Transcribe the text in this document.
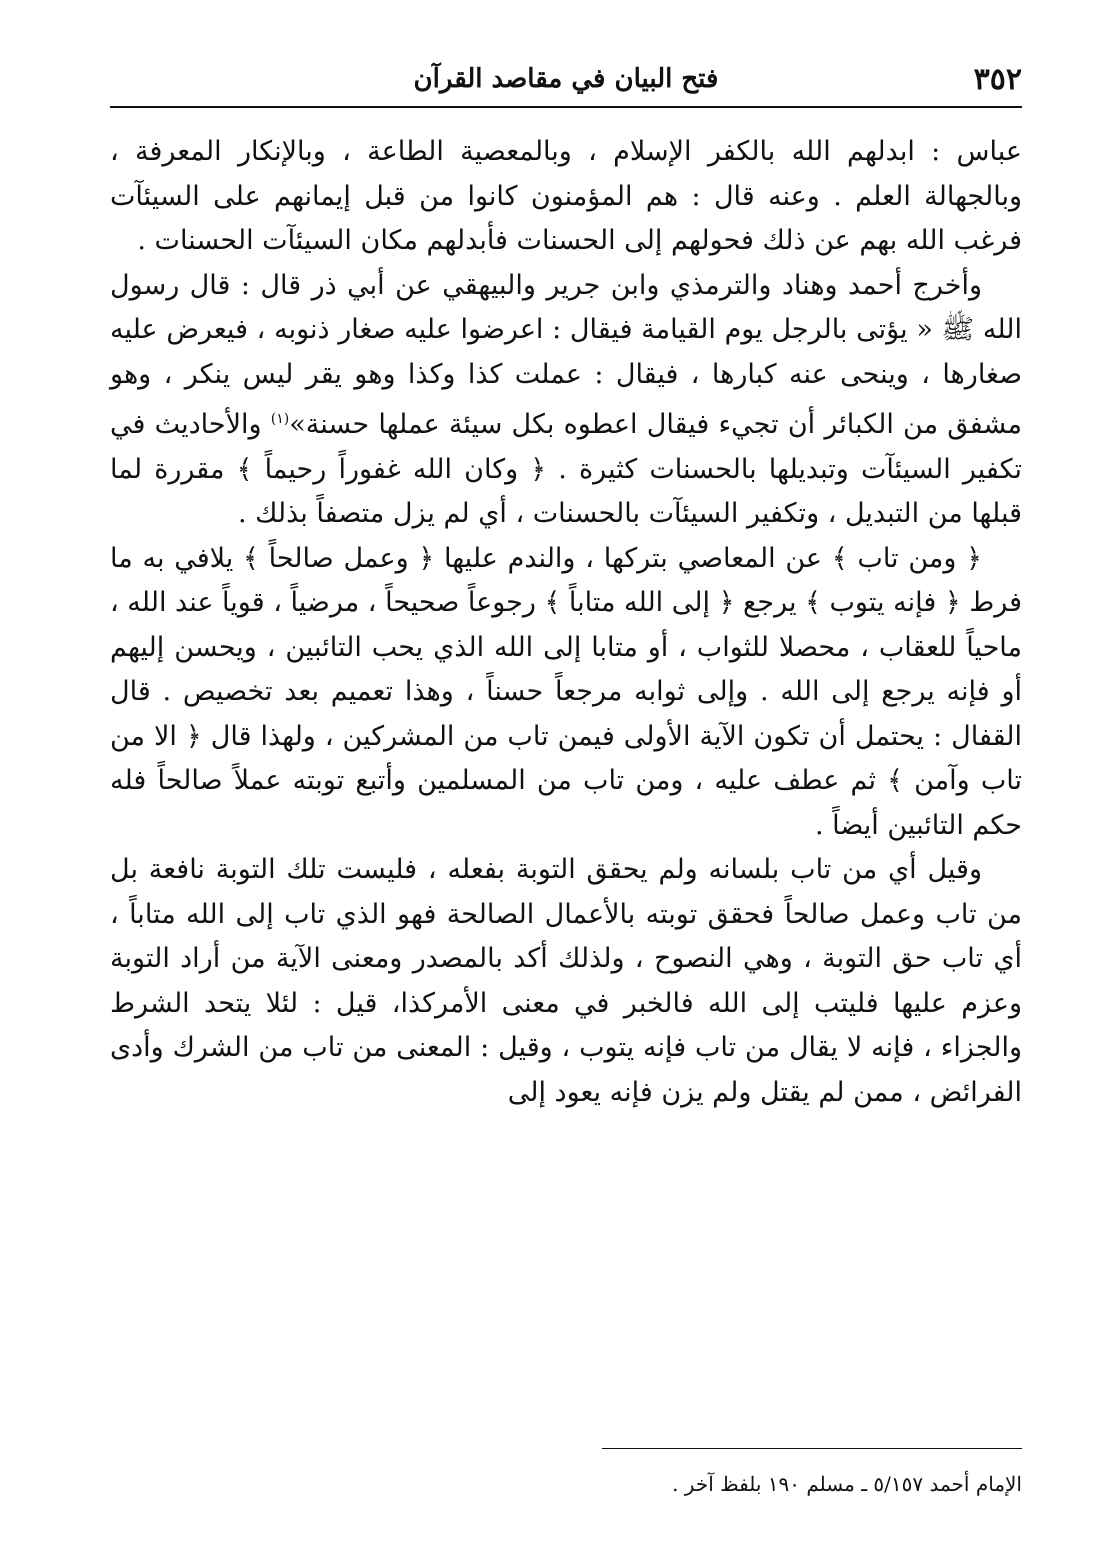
٣٥٢
فتح البيان في مقاصد القرآن

عباس : ابدلهم الله بالكفر الإسلام ، وبالمعصية الطاعة ، وبالإنكار المعرفة ، وبالجهالة العلم . وعنه قال : هم المؤمنون كانوا من قبل إيمانهم على السيئآت فرغب الله بهم عن ذلك فحولهم إلى الحسنات فأبدلهم مكان السيئآت الحسنات .

وأخرج أحمد وهناد والترمذي وابن جرير والبيهقي عن أبي ذر قال : قال رسول الله ﷺ « يؤتى بالرجل يوم القيامة فيقال : اعرضوا عليه صغار ذنوبه ، فيعرض عليه صغارها ، وينحى عنه كبارها ، فيقال : عملت كذا وكذا وهو يقر ليس ينكر ، وهو مشفق من الكبائر أن تجيء فيقال اعطوه بكل سيئة عملها حسنة»$^{(١)}$ والأحاديث في تكفير السيئآت وتبديلها بالحسنات كثيرة . ﴿ وكان الله غفوراً رحيماً ﴾ مقررة لما قبلها من التبديل ، وتكفير السيئآت بالحسنات ، أي لم يزل متصفاً بذلك .

﴿ ومن تاب ﴾ عن المعاصي بتركها ، والندم عليها ﴿ وعمل صالحاً ﴾ يلافي به ما فرط ﴿ فإنه يتوب ﴾ يرجع ﴿ إلى الله متاباً ﴾ رجوعاً صحيحاً ، مرضياً ، قوياً عند الله ، ماحياً للعقاب ، محصلا للثواب ، أو متابا إلى الله الذي يحب التائبين ، ويحسن إليهم أو فإنه يرجع إلى الله . وإلى ثوابه مرجعاً حسناً ، وهذا تعميم بعد تخصيص . قال القفال : يحتمل أن تكون الآية الأولى فيمن تاب من المشركين ، ولهذا قال ﴿ الا من تاب وآمن ﴾ ثم عطف عليه ، ومن تاب من المسلمين وأتبع توبته عملاً صالحاً فله حكم التائبين أيضاً .

وقيل أي من تاب بلسانه ولم يحقق التوبة بفعله ، فليست تلك التوبة نافعة بل من تاب وعمل صالحاً فحقق توبته بالأعمال الصالحة فهو الذي تاب إلى الله متاباً ، أي تاب حق التوبة ، وهي النصوح ، ولذلك أكد بالمصدر ومعنى الآية من أراد التوبة وعزم عليها فليتب إلى الله فالخبر في معنى الأمركذا، قيل : لئلا يتحد الشرط والجزاء ، فإنه لا يقال من تاب فإنه يتوب ، وقيل : المعنى من تاب من الشرك وأدى الفرائض ، ممن لم يقتل ولم يزن فإنه يعود إلى

الإمام أحمد ٥/١٥٧ ـ مسلم ١٩٠ بلفظ آخر .
